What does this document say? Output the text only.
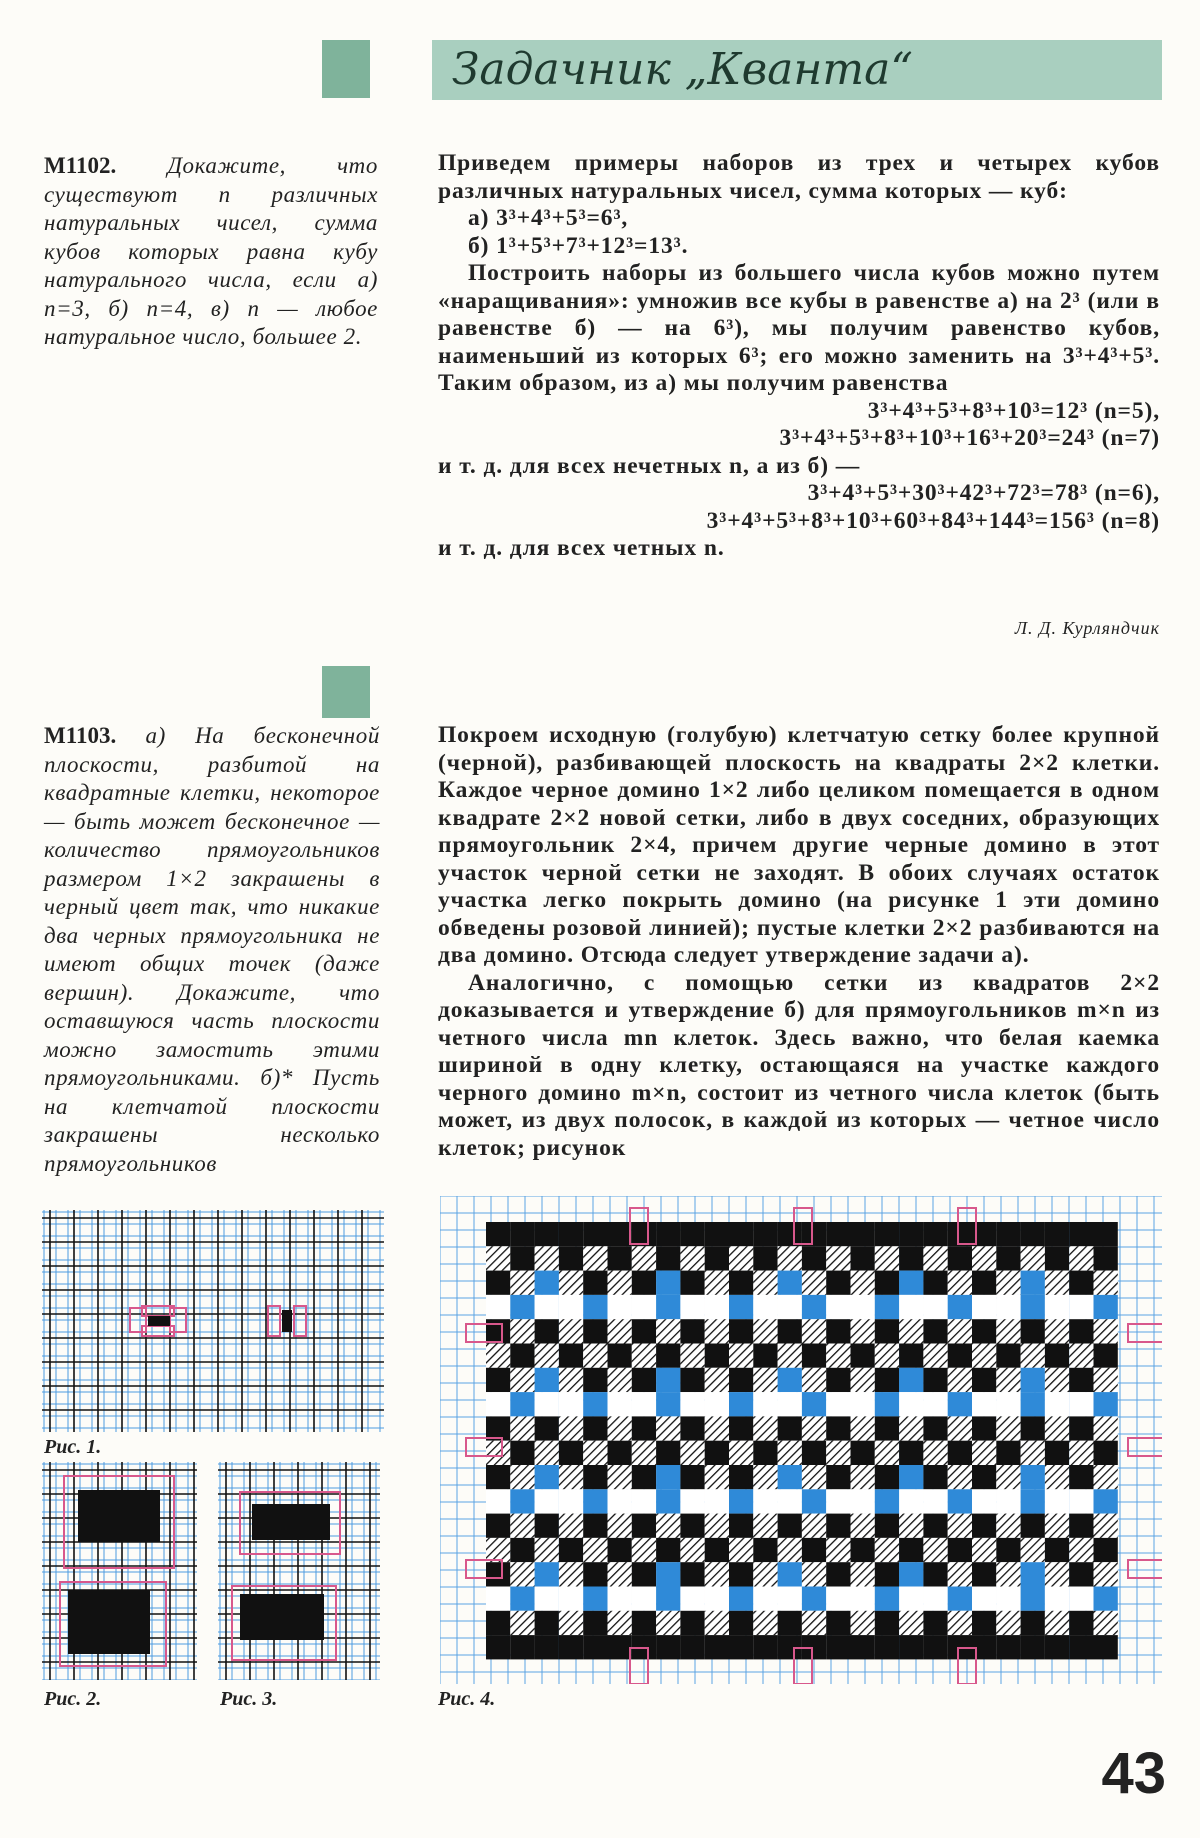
Задачник „Кванта“
М1102. Докажите, что существуют n различных натуральных чисел, сумма кубов которых равна кубу натурального числа, если а) n=3, б) n=4, в) n — любое натуральное число, большее 2.

Приведем примеры наборов из трех и четырех кубов различных натуральных чисел, сумма которых — куб:

а) 3³+4³+5³=6³,

б) 1³+5³+7³+12³=13³.

Построить наборы из большего числа кубов можно путем «наращивания»: умножив все кубы в равенстве а) на 2³ (или в равенстве б) — на 6³), мы получим равенство кубов, наименьший из которых 6³; его можно заменить на 3³+4³+5³. Таким образом, из а) мы получим равенства

3³+4³+5³+8³+10³=12³ (n=5),

3³+4³+5³+8³+10³+16³+20³=24³ (n=7)

и т. д. для всех нечетных n, а из б) —

3³+4³+5³+30³+42³+72³=78³ (n=6),

3³+4³+5³+8³+10³+60³+84³+144³=156³ (n=8)

и т. д. для всех четных n.

Л. Д. Курляндчик
М1103. а) На бесконечной плоскости, разбитой на квадратные клетки, некоторое — быть может бесконечное — количество прямоугольников размером 1×2 закрашены в черный цвет так, что никакие два черных прямоугольника не имеют общих точек (даже вершин). Докажите, что оставшуюся часть плоскости можно замостить этими прямоугольниками. б)* Пусть на клетчатой плоскости закрашены несколько прямоугольников

Покроем исходную (голубую) клетчатую сетку более крупной (черной), разбивающей плоскость на квадраты 2×2 клетки. Каждое черное домино 1×2 либо целиком помещается в одном квадрате 2×2 новой сетки, либо в двух соседних, образующих прямоугольник 2×4, причем другие черные домино в этот участок черной сетки не заходят. В обоих случаях остаток участка легко покрыть домино (на рисунке 1 эти домино обведены розовой линией); пустые клетки 2×2 разбиваются на два домино. Отсюда следует утверждение задачи а).

Аналогично, с помощью сетки из квадратов 2×2 доказывается и утверждение б) для прямоугольников m×n из четного числа mn клеток. Здесь важно, что белая каемка шириной в одну клетку, остающаяся на участке каждого черного домино m×n, состоит из четного числа клеток (быть может, из двух полосок, в каждой из которых — четное число клеток; рисунок

Рис. 1.
Рис. 2.	Рис. 3.	Рис. 4.
43
